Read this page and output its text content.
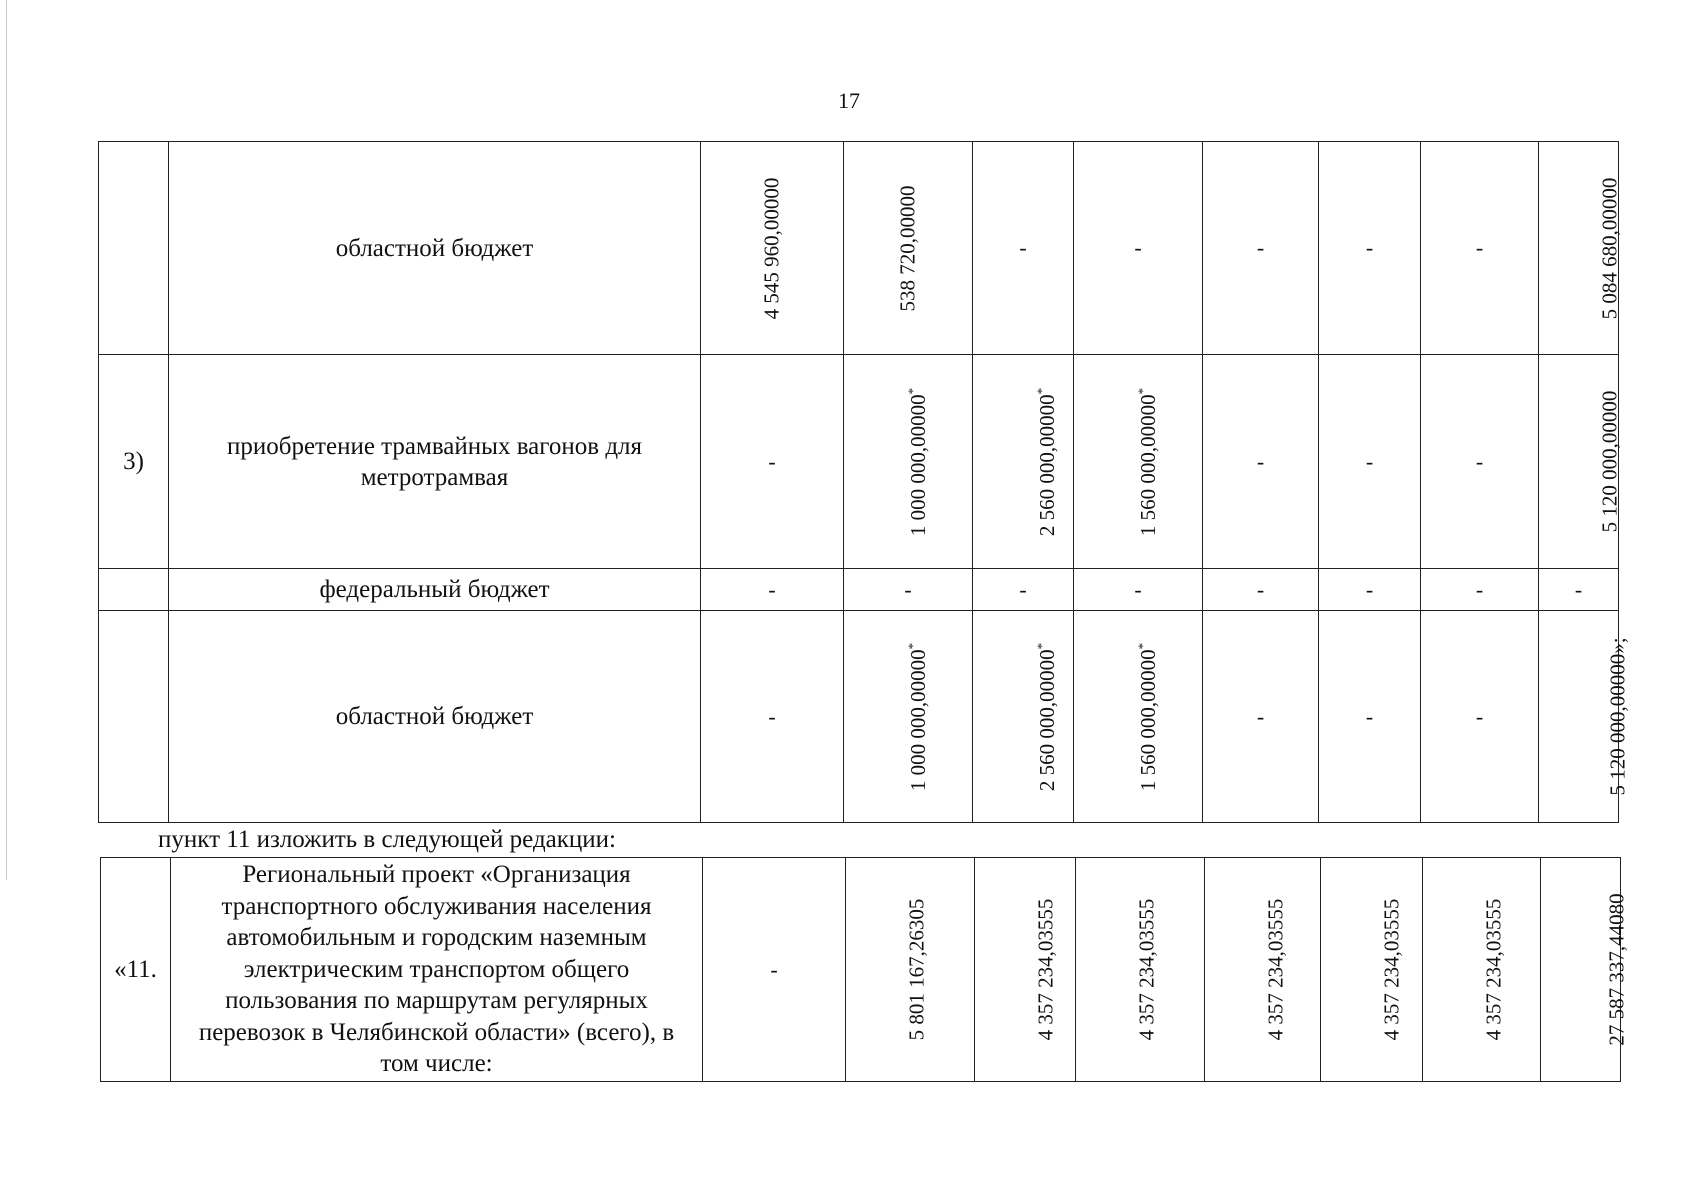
17
	областной бюджет	4 545 960,00000	538 720,00000	-	-	-	-	-	5 084 680,00000
3)	приобретение трамвайных вагонов для метротрамвая	-	1 000 000,00000*	2 560 000,00000*	1 560 000,00000*	-	-	-	5 120 000,00000
	федеральный бюджет	-	-	-	-	-	-	-	-
	областной бюджет	-	1 000 000,00000*	2 560 000,00000*	1 560 000,00000*	-	-	-	5 120 000,00000»;
пункт 11 изложить в следующей редакции:
«11.	Региональный проект «Организация транспортного обслуживания населения автомобильным и городским наземным электрическим транспортом общего пользования по маршрутам регулярных перевозок в Челябинской области» (всего), в том числе:	-	5 801 167,26305	4 357 234,03555	4 357 234,03555	4 357 234,03555	4 357 234,03555	4 357 234,03555	27 587 337,44080
